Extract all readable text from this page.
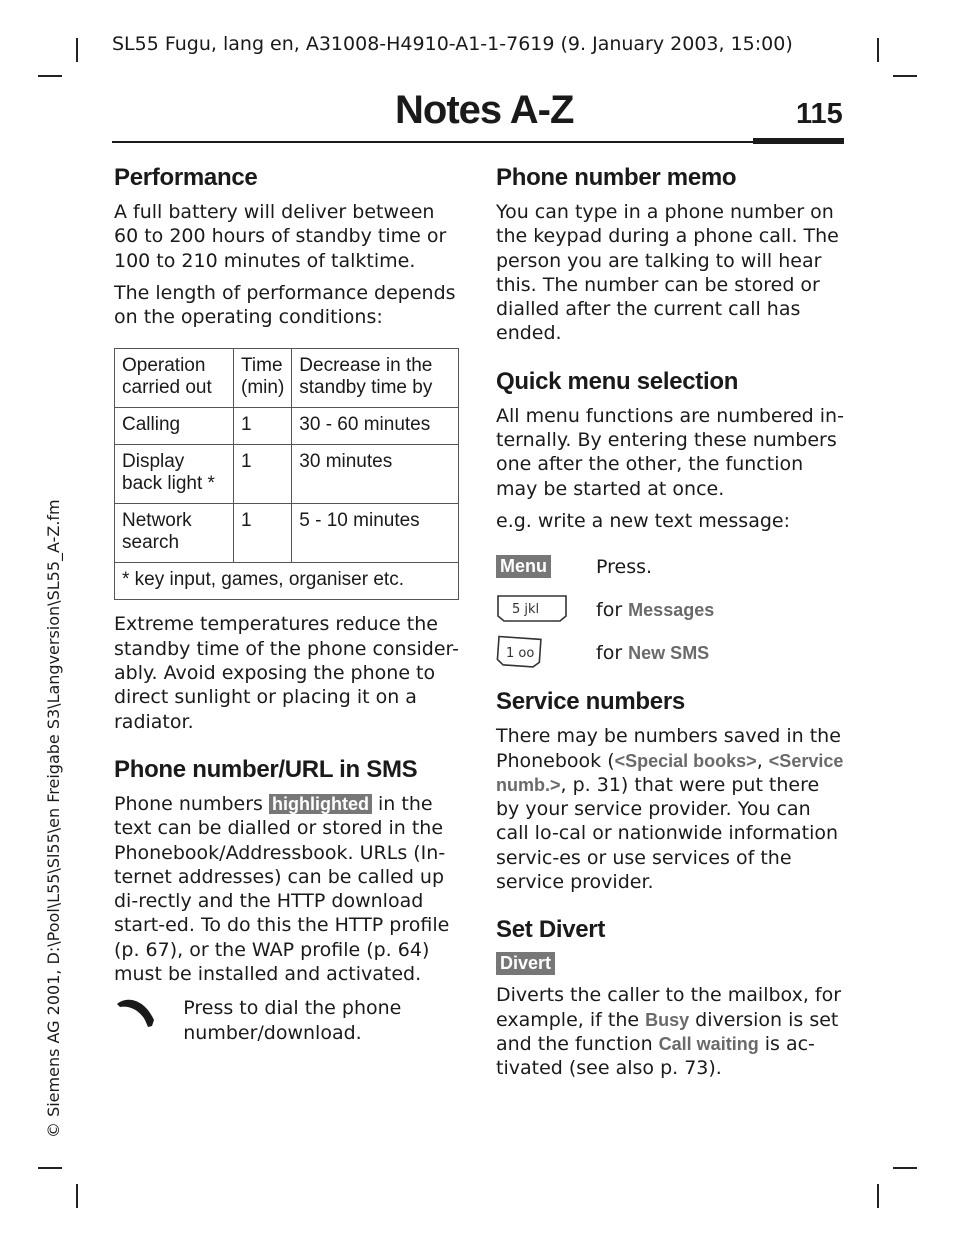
SL55 Fugu, lang en, A31008-H4910-A1-1-7619 (9. January 2003, 15:00)
Notes A-Z	115
© Siemens AG 2001, D:\Pool\L55\Sl55\en Freigabe S3\Langversion\SL55_A-Z.fm
Performance

A full battery will deliver between 60 to 200 hours of standby time or 100 to 210 minutes of talktime.

The length of performance depends on the operating conditions:

Operation carried out	Time (min)	Decrease in the standby time by
Calling	1	30 - 60 minutes
Display back light *	1	30 minutes
Network search	1	5 - 10 minutes
* key input, games, organiser etc.		

Extreme temperatures reduce the standby time of the phone consider-ably. Avoid exposing the phone to direct sunlight or placing it on a radiator.

Phone number/URL in SMS

Phone numbers highlighted in the text can be dialled or stored in the Phonebook/Addressbook. URLs (In-ternet addresses) can be called up di-rectly and the HTTP download start-ed. To do this the HTTP profile (p. 67), or the WAP profile (p. 64) must be installed and activated.

Press to dial the phone number/download.
Phone number memo

You can type in a phone number on the keypad during a phone call. The person you are talking to will hear this. The number can be stored or dialled after the current call has ended.

Quick menu selection

All menu functions are numbered in-ternally. By entering these numbers one after the other, the function may be started at once.

e.g. write a new text message:

Menu	Press.
5 jkl	for Messages
1 oo	for New SMS
Service numbers

There may be numbers saved in the Phonebook (<Special books>, <Service numb.>, p. 31) that were put there by your service provider. You can call lo-cal or nationwide information servic-es or use services of the service provider.

Set Divert
Divert

Diverts the caller to the mailbox, for example, if the Busy diversion is set and the function Call waiting is ac-tivated (see also p. 73).
